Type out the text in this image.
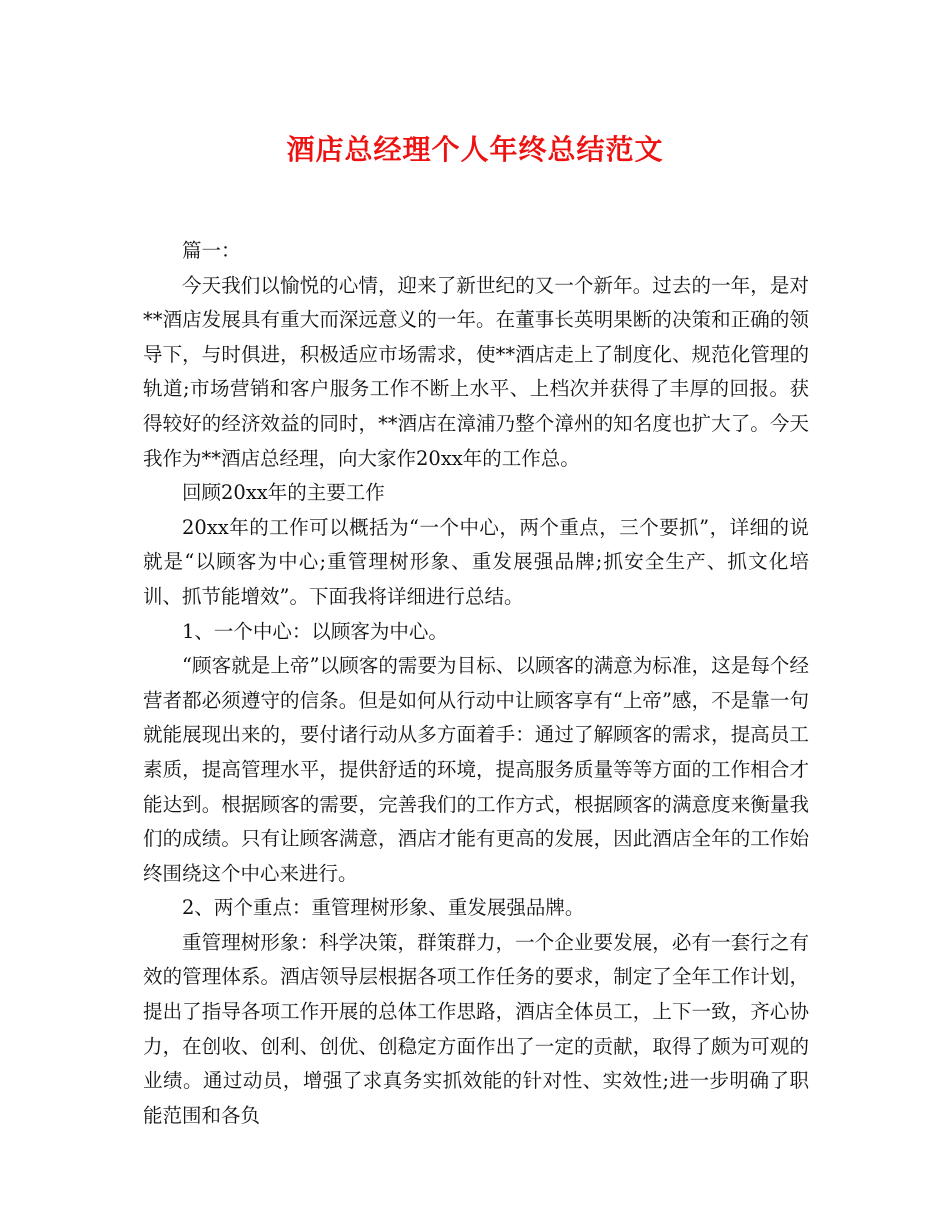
酒店总经理个人年终总结范文

篇一：

今天我们以愉悦的心情，迎来了新世纪的又一个新年。过去的一年，是对**酒店发展具有重大而深远意义的一年。在董事长英明果断的决策和正确的领导下，与时俱进，积极适应市场需求，使**酒店走上了制度化、规范化管理的轨道;市场营销和客户服务工作不断上水平、上档次并获得了丰厚的回报。获得较好的经济效益的同时，**酒店在漳浦乃整个漳州的知名度也扩大了。今天我作为**酒店总经理，向大家作20xx年的工作总。

回顾20xx年的主要工作

20xx年的工作可以概括为“一个中心，两个重点，三个要抓”，详细的说就是“以顾客为中心;重管理树形象、重发展强品牌;抓安全生产、抓文化培训、抓节能增效”。下面我将详细进行总结。

1、一个中心：以顾客为中心。

“顾客就是上帝”以顾客的需要为目标、以顾客的满意为标准，这是每个经营者都必须遵守的信条。但是如何从行动中让顾客享有“上帝”感，不是靠一句就能展现出来的，要付诸行动从多方面着手：通过了解顾客的需求，提高员工素质，提高管理水平，提供舒适的环境，提高服务质量等等方面的工作相合才能达到。根据顾客的需要，完善我们的工作方式，根据顾客的满意度来衡量我们的成绩。只有让顾客满意，酒店才能有更高的发展，因此酒店全年的工作始终围绕这个中心来进行。

2、两个重点：重管理树形象、重发展强品牌。

重管理树形象：科学决策，群策群力，一个企业要发展，必有一套行之有效的管理体系。酒店领导层根据各项工作任务的要求，制定了全年工作计划，提出了指导各项工作开展的总体工作思路，酒店全体员工，上下一致，齐心协力，在创收、创利、创优、创稳定方面作出了一定的贡献，取得了颇为可观的业绩。通过动员，增强了求真务实抓效能的针对性、实效性;进一步明确了职能范围和各负
